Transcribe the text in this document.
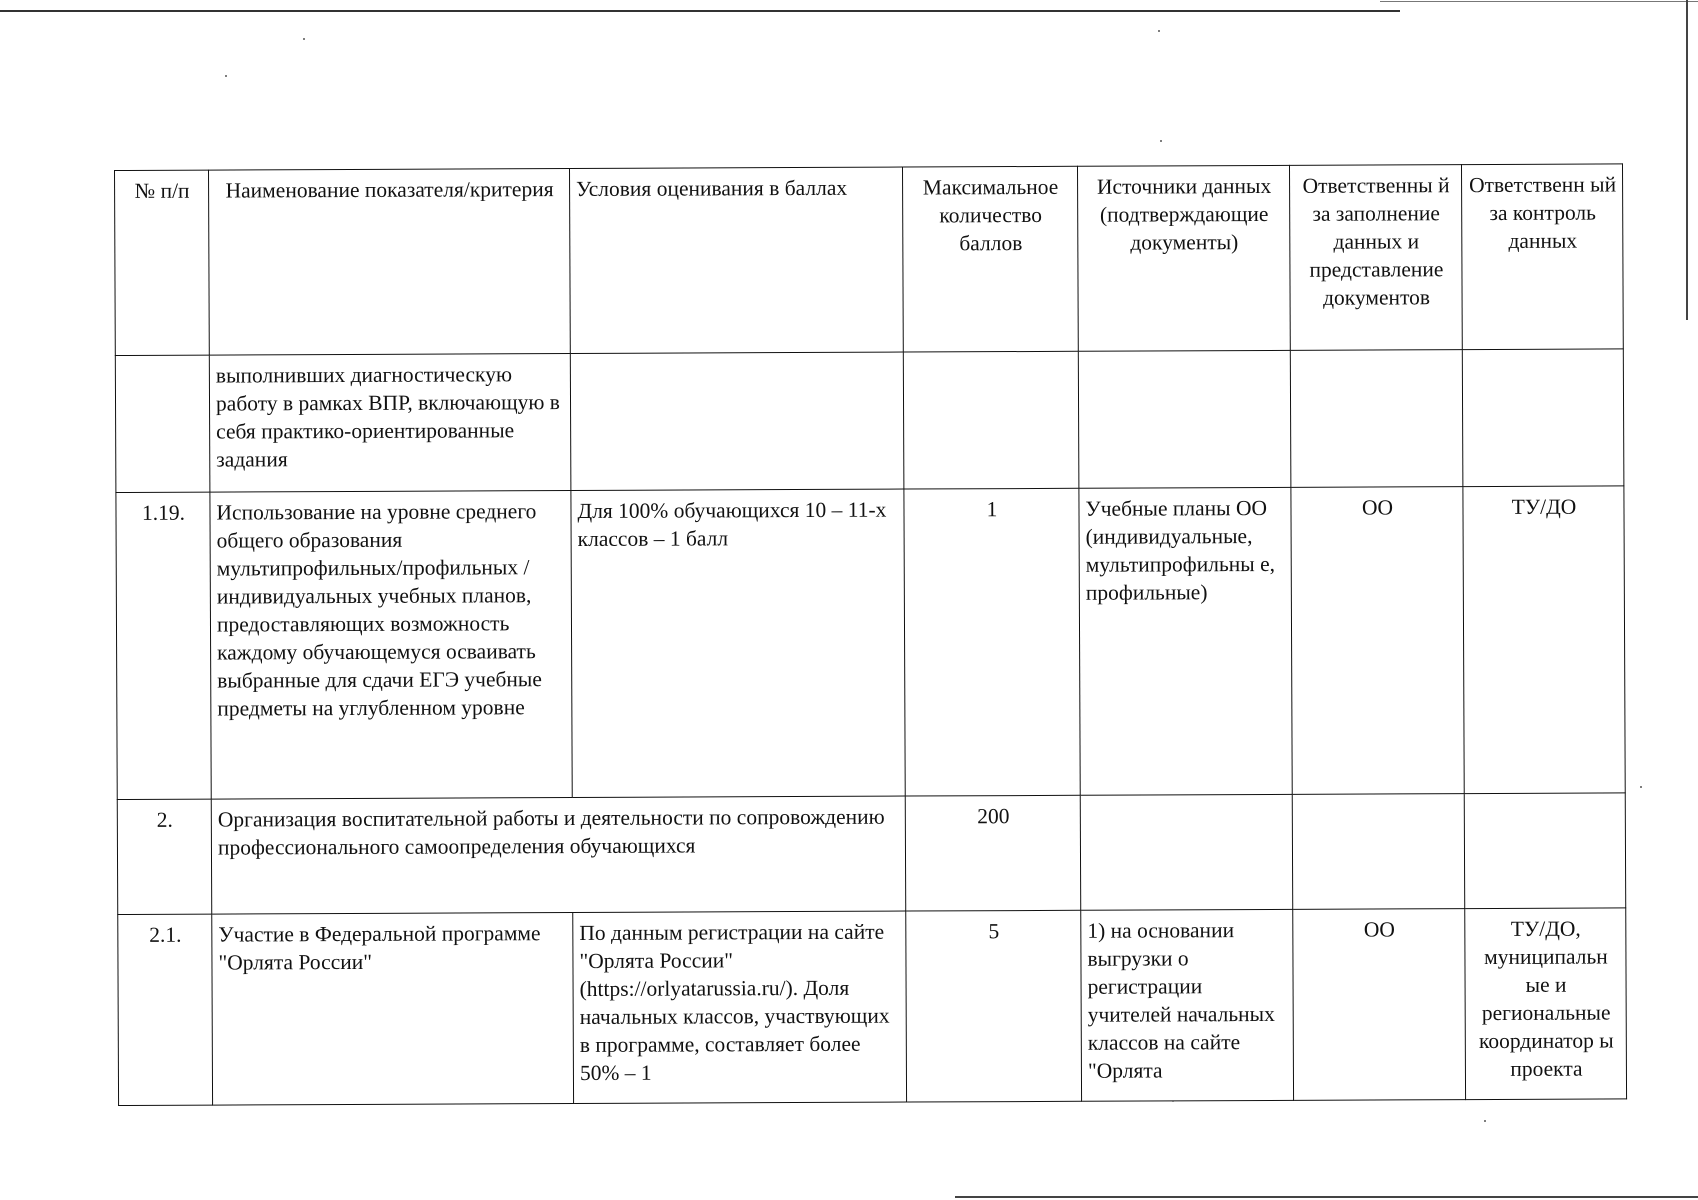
№ п/п	Наименование показателя/критерия	Условия оценивания в баллах	Максимальное количество баллов	Источники данных (подтверждающие документы)	Ответственны й за заполнение данных и представление документов	Ответственн ый за контроль данных
	выполнивших диагностическую работу в рамках ВПР, включающую в себя практико-ориентированные задания					
1.19.	Использование на уровне среднего общего образования мультипрофильных/профильных /индивидуальных учебных планов, предоставляющих возможность каждому обучающемуся осваивать выбранные для сдачи ЕГЭ учебные предметы на углубленном уровне	Для 100% обучающихся 10 – 11-х классов – 1 балл	1	Учебные планы ОО (индивидуальные, мультипрофильны е, профильные)	ОО	ТУ/ДО
2.	Организация воспитательной работы и деятельности по сопровождению профессионального самоопределения обучающихся		200			
2.1.	Участие в Федеральной программе "Орлята России"	По данным регистрации на сайте "Орлята России" (https://orlyatarussia.ru/). Доля начальных классов, участвующих в программе, составляет более 50% – 1	5	1) на основании выгрузки о регистрации учителей начальных классов на сайте "Орлята	ОО	ТУ/ДО, муниципальн ые и региональные координатор ы проекта
